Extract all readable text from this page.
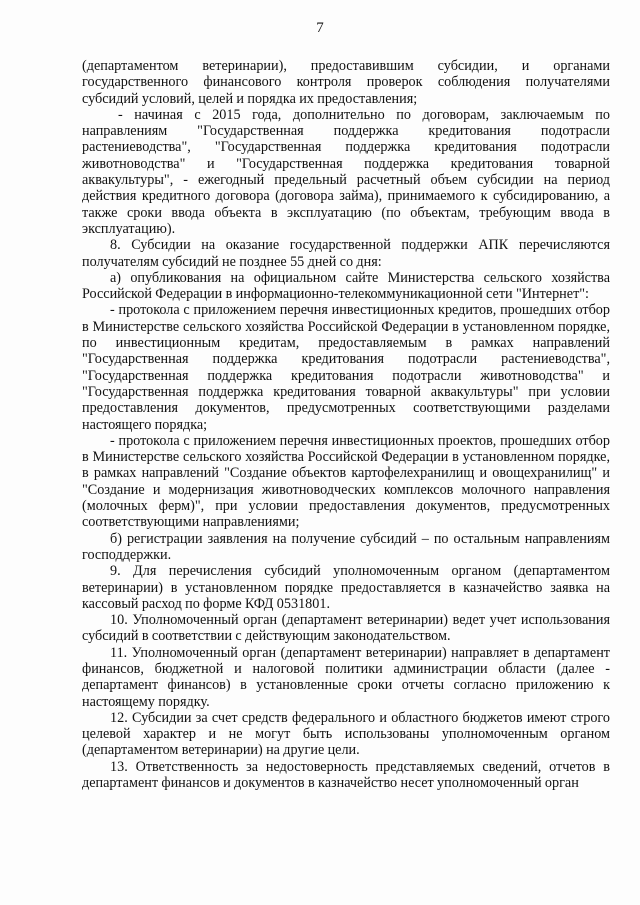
7

(департаментом ветеринарии), предоставившим субсидии, и органами государственного финансового контроля проверок соблюдения получателями субсидий условий, целей и порядка их предоставления;

- начиная с 2015 года, дополнительно по договорам, заключаемым по направлениям "Государственная поддержка кредитования подотрасли растениеводства", "Государственная поддержка кредитования подотрасли животноводства" и "Государственная поддержка кредитования товарной аквакультуры", - ежегодный предельный расчетный объем субсидии на период действия кредитного договора (договора займа), принимаемого к субсидированию, а также сроки ввода объекта в эксплуатацию (по объектам, требующим ввода в эксплуатацию).

8. Субсидии на оказание государственной поддержки АПК перечисляются получателям субсидий не позднее 55 дней со дня:

а) опубликования на официальном сайте Министерства сельского хозяйства Российской Федерации в информационно-телекоммуникационной сети "Интернет":

- протокола с приложением перечня инвестиционных кредитов, прошедших отбор в Министерстве сельского хозяйства Российской Федерации в установленном порядке, по инвестиционным кредитам, предоставляемым в рамках направлений "Государственная поддержка кредитования подотрасли растениеводства", "Государственная поддержка кредитования подотрасли животноводства" и "Государственная поддержка кредитования товарной аквакультуры" при условии предоставления документов, предусмотренных соответствующими разделами настоящего порядка;

- протокола с приложением перечня инвестиционных проектов, прошедших отбор в Министерстве сельского хозяйства Российской Федерации в установленном порядке, в рамках направлений "Создание объектов картофелехранилищ и овощехранилищ" и "Создание и модернизация животноводческих комплексов молочного направления (молочных ферм)", при условии предоставления документов, предусмотренных соответствующими направлениями;

б) регистрации заявления на получение субсидий – по остальным направлениям господдержки.

9. Для перечисления субсидий уполномоченным органом (департаментом ветеринарии) в установленном порядке предоставляется в казначейство заявка на кассовый расход по форме КФД 0531801.

10. Уполномоченный орган (департамент ветеринарии) ведет учет использования субсидий в соответствии с действующим законодательством.

11. Уполномоченный орган (департамент ветеринарии) направляет в департамент финансов, бюджетной и налоговой политики администрации области (далее - департамент финансов) в установленные сроки отчеты согласно приложению к настоящему порядку.

12. Субсидии за счет средств федерального и областного бюджетов имеют строго целевой характер и не могут быть использованы уполномоченным органом (департаментом ветеринарии) на другие цели.

13. Ответственность за недостоверность представляемых сведений, отчетов в департамент финансов и документов в казначейство несет уполномоченный орган
